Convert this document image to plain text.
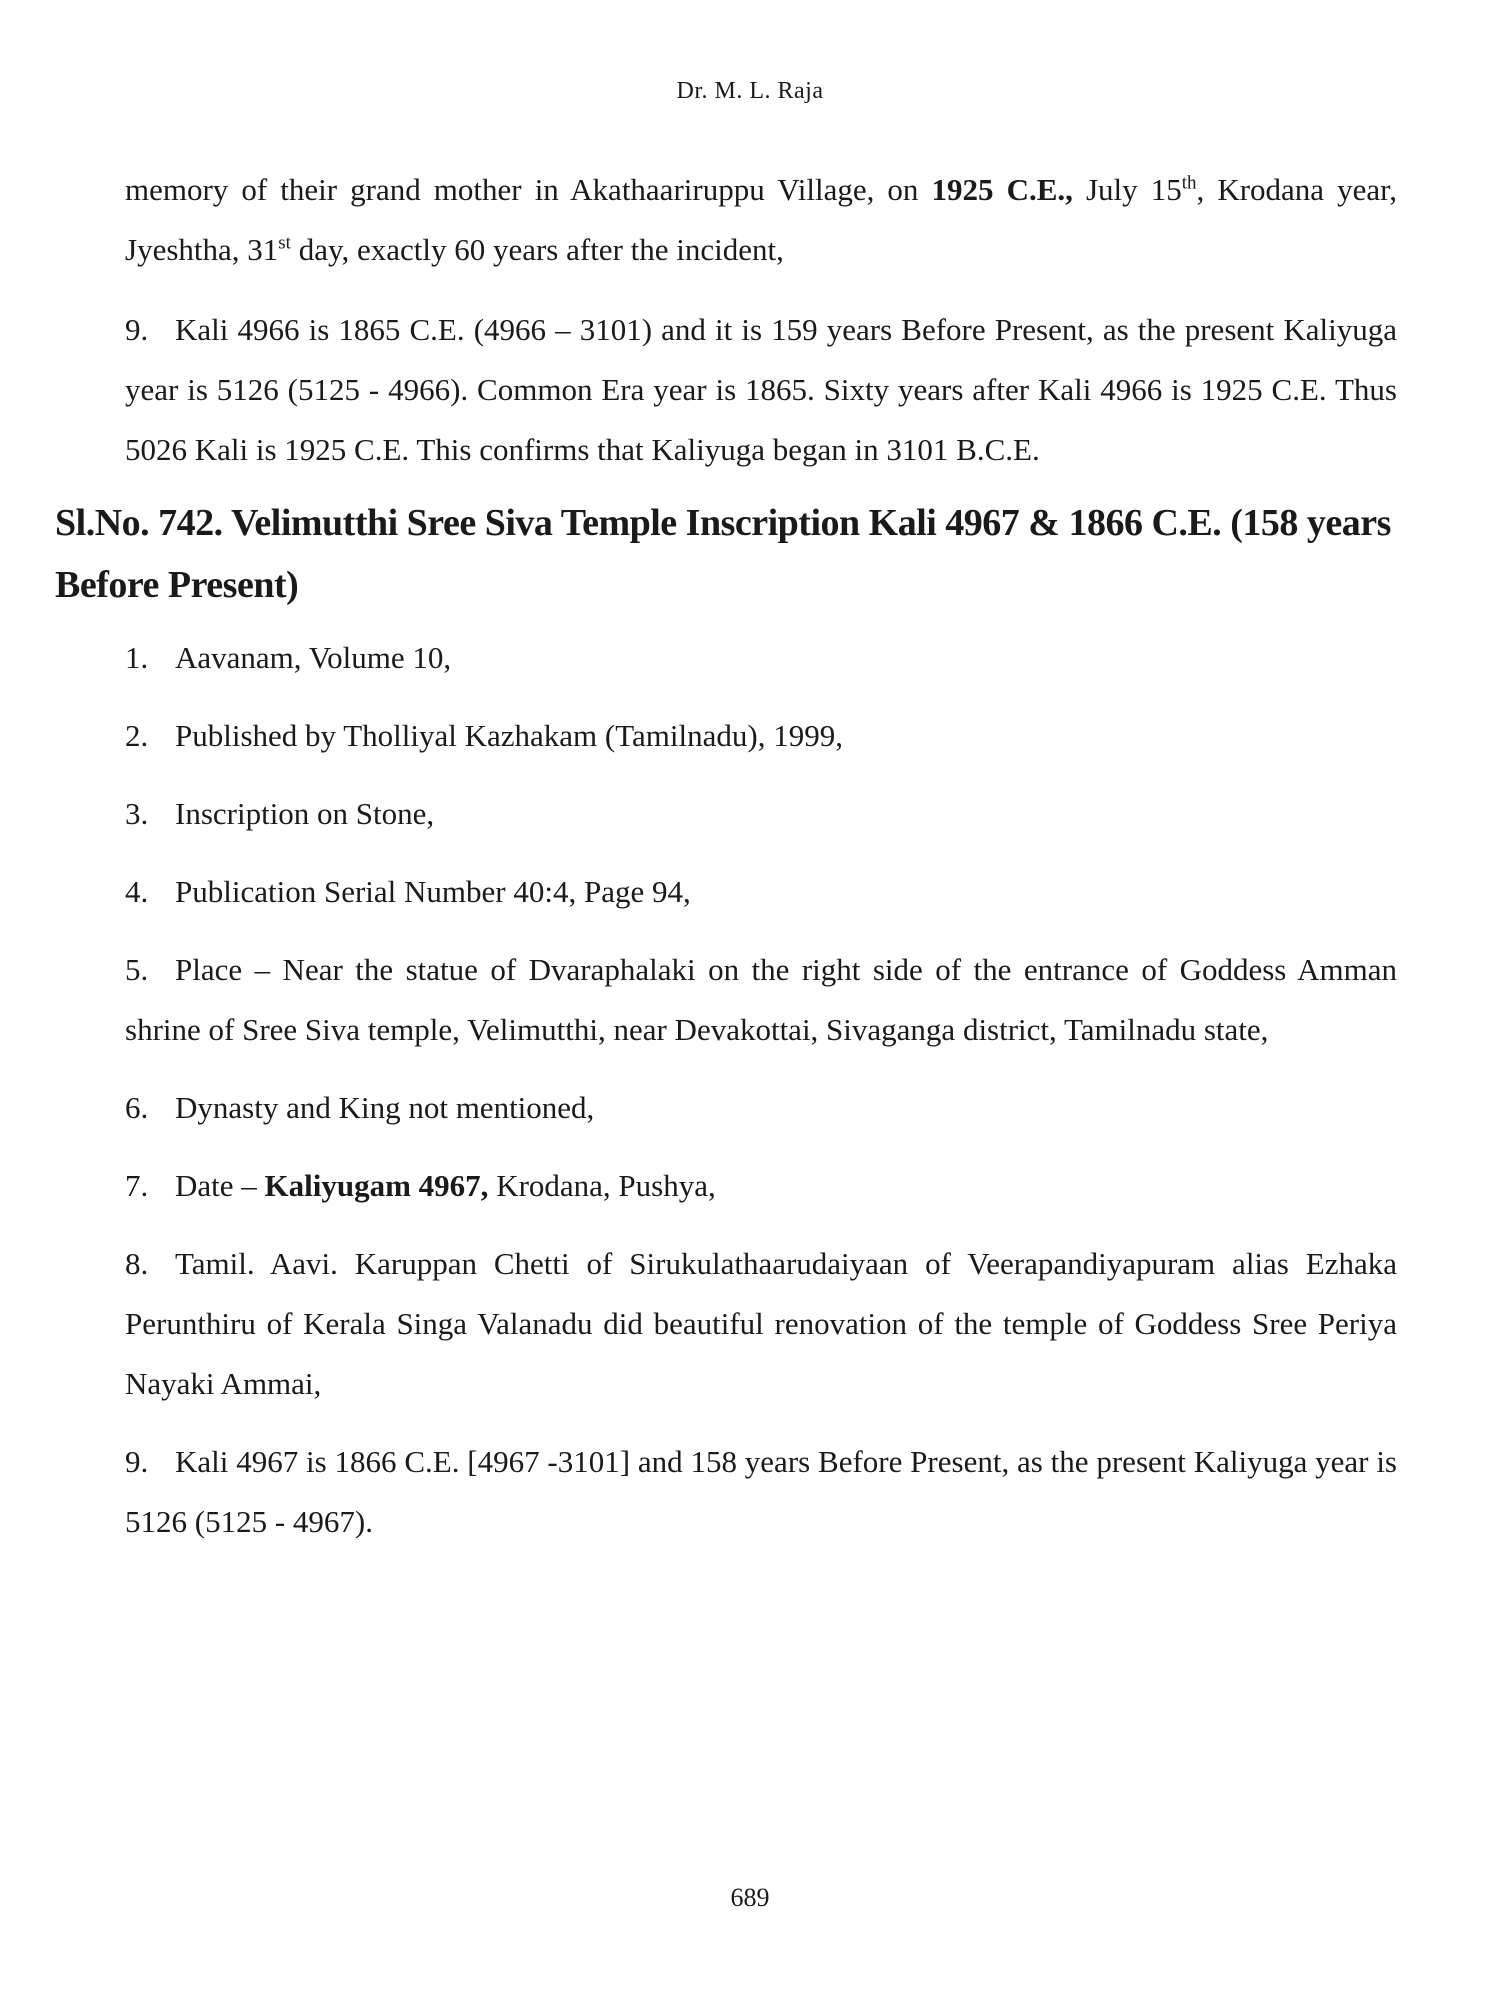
Dr. M. L. Raja

memory of their grand mother in Akathaariruppu Village, on 1925 C.E., July 15th, Krodana year, Jyeshtha, 31st day, exactly 60 years after the incident,

9. Kali 4966 is 1865 C.E. (4966 – 3101) and it is 159 years Before Present, as the present Kaliyuga year is 5126 (5125 - 4966). Common Era year is 1865. Sixty years after Kali 4966 is 1925 C.E. Thus 5026 Kali is 1925 C.E. This confirms that Kaliyuga began in 3101 B.C.E.

Sl.No. 742. Velimutthi Sree Siva Temple Inscription Kali 4967 & 1866 C.E. (158 years Before Present)

1. Aavanam, Volume 10,

2. Published by Tholliyal Kazhakam (Tamilnadu), 1999,

3. Inscription on Stone,

4. Publication Serial Number 40:4, Page 94,

5. Place – Near the statue of Dvaraphalaki on the right side of the entrance of Goddess Amman shrine of Sree Siva temple, Velimutthi, near Devakottai, Sivaganga district, Tamilnadu state,

6. Dynasty and King not mentioned,

7. Date – Kaliyugam 4967, Krodana, Pushya,

8. Tamil. Aavi. Karuppan Chetti of Sirukulathaarudaiyaan of Veerapandiyapuram alias Ezhaka Perunthiru of Kerala Singa Valanadu did beautiful renovation of the temple of Goddess Sree Periya Nayaki Ammai,

9. Kali 4967 is 1866 C.E. [4967 -3101] and 158 years Before Present, as the present Kaliyuga year is 5126 (5125 - 4967).

689
